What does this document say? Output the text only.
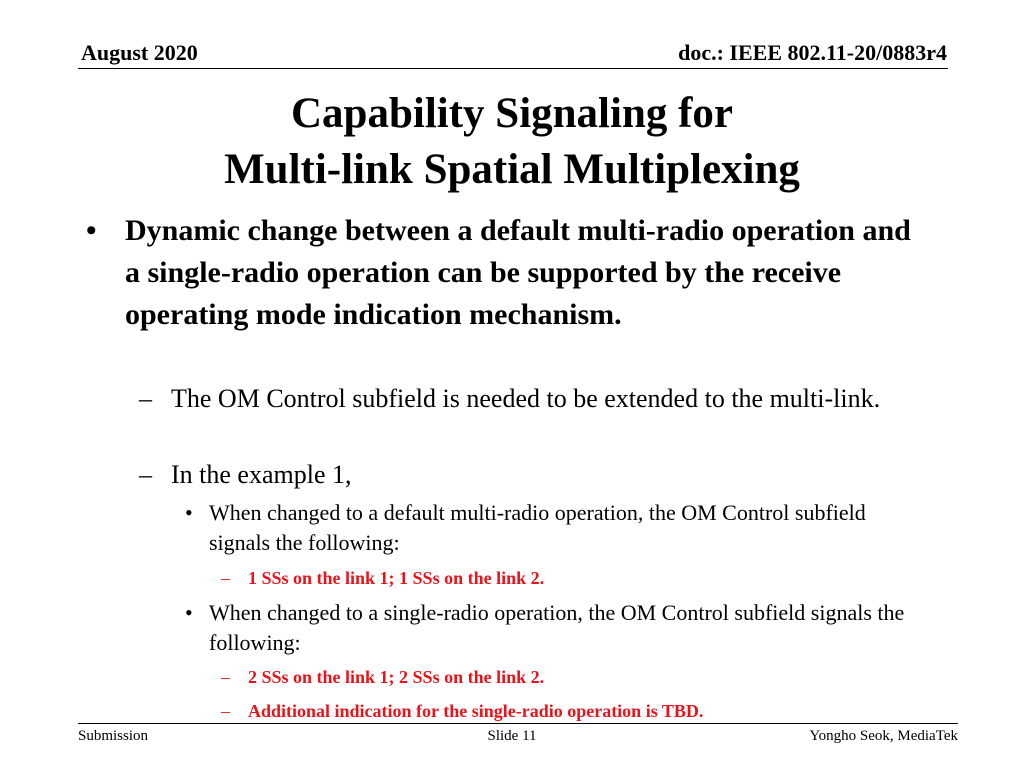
August 2020	doc.: IEEE 802.11-20/0883r4
Capability Signaling for
Multi-link Spatial Multiplexing
• Dynamic change between a default multi-radio operation and a single-radio operation can be supported by the receive operating mode indication mechanism.

– The OM Control subfield is needed to be extended to the multi-link.

– In the example 1,

• When changed to a default multi-radio operation, the OM Control subfield signals the following:

– 1 SSs on the link 1; 1 SSs on the link 2.

• When changed to a single-radio operation, the OM Control subfield signals the following:

– 2 SSs on the link 1; 2 SSs on the link 2.

– Additional indication for the single-radio operation is TBD.

Submission	Slide 11	Yongho Seok, MediaTek
